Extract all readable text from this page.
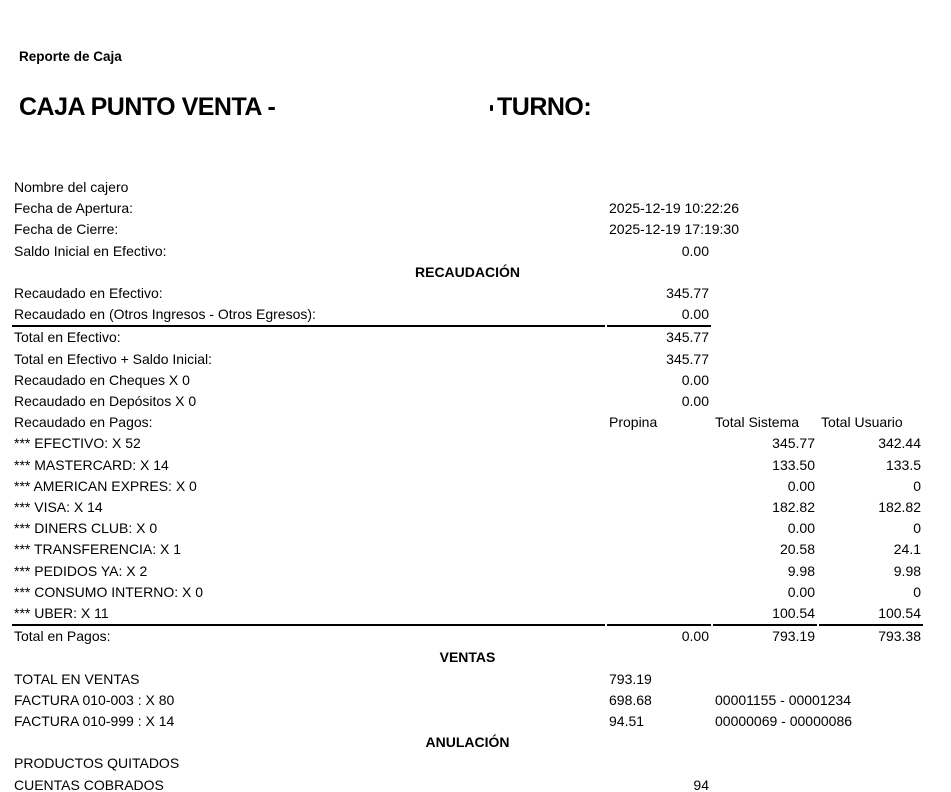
Reporte de Caja
CAJA PUNTO VENTA -	TURNO:
Nombre del cajero			
Fecha de Apertura:	2025-12-19 10:22:26		
Fecha de Cierre:	2025-12-19 17:19:30		
Saldo Inicial en Efectivo:	0.00		
RECAUDACIÓN			
Recaudado en Efectivo:	345.77		
Recaudado en (Otros Ingresos - Otros Egresos):	0.00		
Total en Efectivo:	345.77		
Total en Efectivo + Saldo Inicial:	345.77		
Recaudado en Cheques X 0	0.00		
Recaudado en Depósitos X 0	0.00		
Recaudado en Pagos:	Propina	Total Sistema	Total Usuario
*** EFECTIVO: X 52		345.77	342.44
*** MASTERCARD: X 14		133.50	133.5
*** AMERICAN EXPRES: X 0		0.00	0
*** VISA: X 14		182.82	182.82
*** DINERS CLUB: X 0		0.00	0
*** TRANSFERENCIA: X 1		20.58	24.1
*** PEDIDOS YA: X 2		9.98	9.98
*** CONSUMO INTERNO: X 0		0.00	0
*** UBER: X 11		100.54	100.54
Total en Pagos:	0.00	793.19	793.38
VENTAS			
TOTAL EN VENTAS	793.19		
FACTURA 010-003 : X 80	698.68	00001155 - 00001234	
FACTURA 010-999 : X 14	94.51	00000069 - 00000086	
ANULACIÓN			
PRODUCTOS QUITADOS			
CUENTAS COBRADOS	94		
